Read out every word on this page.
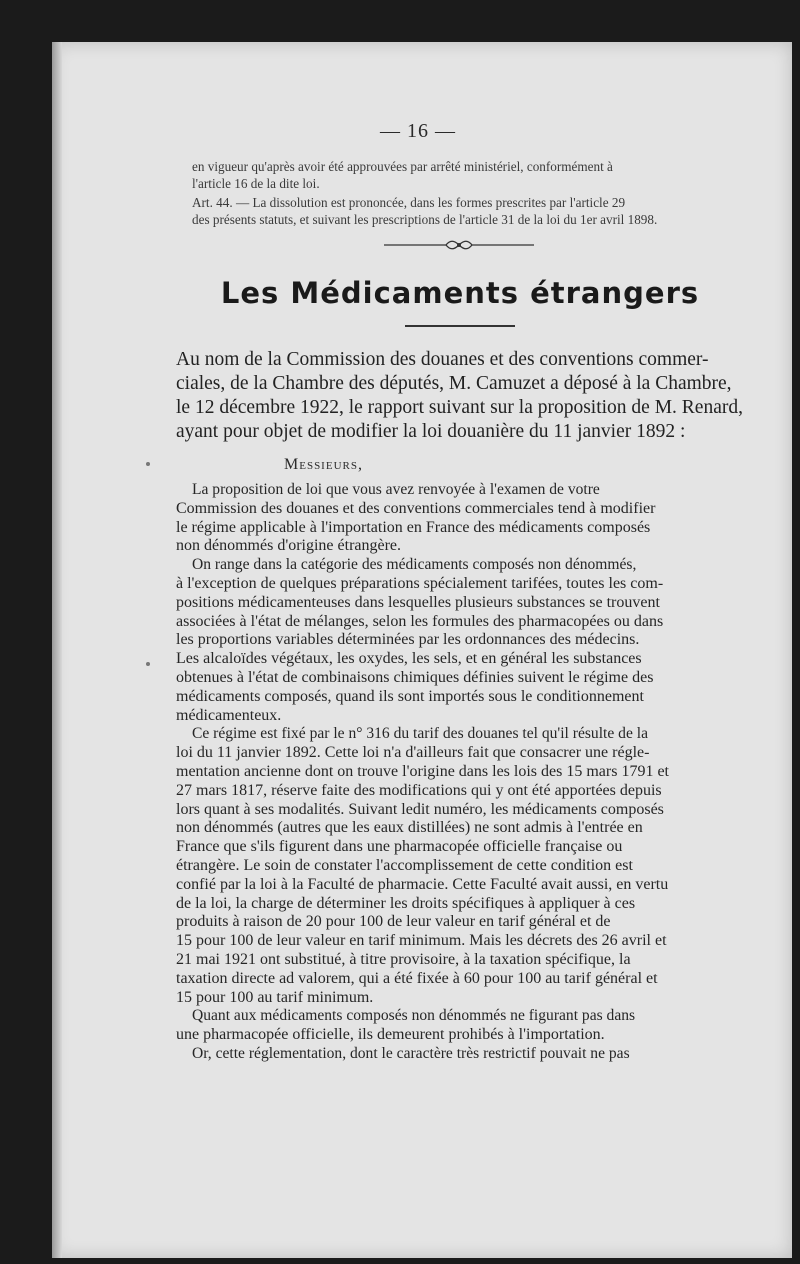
— 16 —
en vigueur qu'après avoir été approuvées par arrêté ministériel, conformément à
l'article 16 de la dite loi.
Art. 44. — La dissolution est prononcée, dans les formes prescrites par l'article 29
des présents statuts, et suivant les prescriptions de l'article 31 de la loi du 1er avril 1898.
Les Médicaments étrangers
Au nom de la Commission des douanes et des conventions commer-
ciales, de la Chambre des députés, M. Camuzet a déposé à la Chambre,
le 12 décembre 1922, le rapport suivant sur la proposition de M. Renard,
ayant pour objet de modifier la loi douanière du 11 janvier 1892 :
Messieurs,
La proposition de loi que vous avez renvoyée à l'examen de votre
Commission des douanes et des conventions commerciales tend à modifier
le régime applicable à l'importation en France des médicaments composés
non dénommés d'origine étrangère.
On range dans la catégorie des médicaments composés non dénommés,
à l'exception de quelques préparations spécialement tarifées, toutes les com-
positions médicamenteuses dans lesquelles plusieurs substances se trouvent
associées à l'état de mélanges, selon les formules des pharmacopées ou dans
les proportions variables déterminées par les ordonnances des médecins.
Les alcaloïdes végétaux, les oxydes, les sels, et en général les substances
obtenues à l'état de combinaisons chimiques définies suivent le régime des
médicaments composés, quand ils sont importés sous le conditionnement
médicamenteux.
Ce régime est fixé par le n° 316 du tarif des douanes tel qu'il résulte de la
loi du 11 janvier 1892. Cette loi n'a d'ailleurs fait que consacrer une régle-
mentation ancienne dont on trouve l'origine dans les lois des 15 mars 1791 et
27 mars 1817, réserve faite des modifications qui y ont été apportées depuis
lors quant à ses modalités. Suivant ledit numéro, les médicaments composés
non dénommés (autres que les eaux distillées) ne sont admis à l'entrée en
France que s'ils figurent dans une pharmacopée officielle française ou
étrangère. Le soin de constater l'accomplissement de cette condition est
confié par la loi à la Faculté de pharmacie. Cette Faculté avait aussi, en vertu
de la loi, la charge de déterminer les droits spécifiques à appliquer à ces
produits à raison de 20 pour 100 de leur valeur en tarif général et de
15 pour 100 de leur valeur en tarif minimum. Mais les décrets des 26 avril et
21 mai 1921 ont substitué, à titre provisoire, à la taxation spécifique, la
taxation directe ad valorem, qui a été fixée à 60 pour 100 au tarif général et
15 pour 100 au tarif minimum.
Quant aux médicaments composés non dénommés ne figurant pas dans
une pharmacopée officielle, ils demeurent prohibés à l'importation.
Or, cette réglementation, dont le caractère très restrictif pouvait ne pas
